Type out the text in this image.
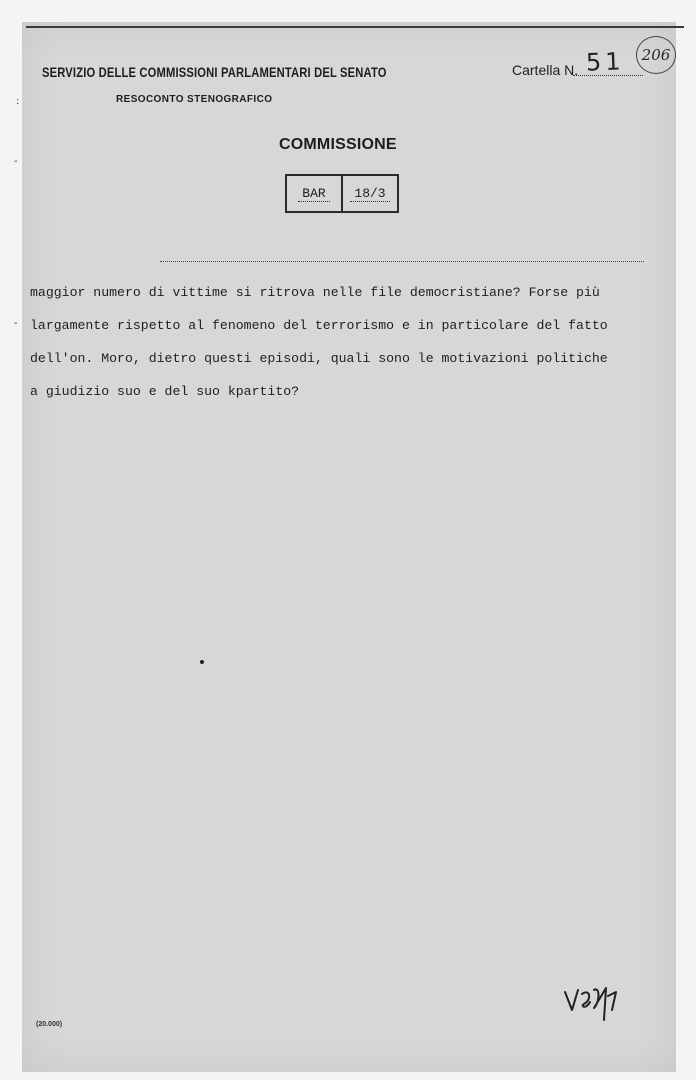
:
-
-
SERVIZIO DELLE COMMISSIONI PARLAMENTARI DEL SENATO
RESOCONTO STENOGRAFICO
Cartella N. 51	206
COMMISSIONE
BAR	18/3
maggior numero di vittime si ritrova nelle file democristiane? Forse più
largamente rispetto al fenomeno del terrorismo e in particolare del fatto
dell'on. Moro, dietro questi episodi, quali sono le motivazioni politiche
a giudizio suo e del suo kpartito?
(20.000)
